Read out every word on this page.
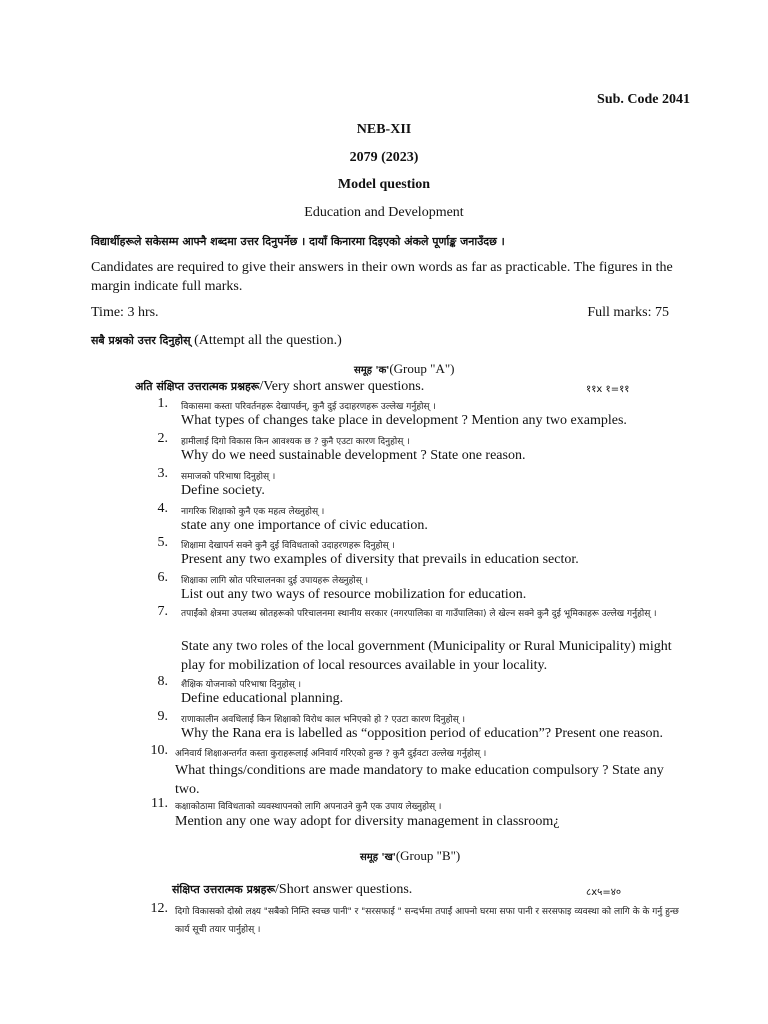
Sub. Code 2041
NEB-XII
2079 (2023)
Model question
Education and Development
विद्यार्थीहरूले सकेसम्म आफ्नै शब्दमा उत्तर दिनुपर्नेछ । दायाँ किनारमा दिइएको अंकले पूर्णाङ्क जनाउँदछ ।
Candidates are required to give their answers in their own words as far as practicable. The figures in the margin indicate full marks.
Time: 3 hrs.	Full marks: 75
सबै प्रश्नको उत्तर दिनुहोस् (Attempt all the question.)
समूह 'क'(Group "A")
अति संक्षिप्त उत्तरात्मक प्रश्नहरू/Very short answer questions.	११x १=११
1. विकासमा कस्ता परिवर्तनहरू देखापर्छन्, कुनै दुई उदाहरणहरू उल्लेख गर्नुहोस् ।
What types of changes take place in development ? Mention any two examples.
2. हामीलाई दिगो विकास किन आवश्यक छ ? कुनै एउटा कारण दिनुहोस् ।
Why do we need sustainable development ? State one reason.
3. समाजको परिभाषा दिनुहोस् ।
Define society.
4. नागरिक शिक्षाको कुनै एक महत्व लेख्नुहोस् ।
state any one importance of civic education.
5. शिक्षामा देखापर्न सक्ने कुनै दुई विविधताको उदाहरणहरू दिनुहोस् ।
Present any two examples of diversity that prevails in education sector.
6. शिक्षाका लागि स्रोत परिचालनका दुई उपायहरू लेख्नुहोस् ।
List out any two ways of resource mobilization for education.
7. तपाईंको क्षेत्रमा उपलब्ध स्रोतहरूको परिचालनमा स्थानीय सरकार (नगरपालिका वा गाउँपालिका) ले खेल्न सक्ने कुनै दुई भूमिकाहरू उल्लेख गर्नुहोस् ।
State any two roles of the local government (Municipality or Rural Municipality) might play for mobilization of local resources available in your locality.
8. शैक्षिक योजनाको परिभाषा दिनुहोस् ।
Define educational planning.
9. राणाकालीन अवधिलाई किन शिक्षाको विरोध काल भनिएको हो ? एउटा कारण दिनुहोस् ।
Why the Rana era is labelled as “opposition period of education”? Present one reason.
10. अनिवार्य शिक्षाअन्तर्गत कस्ता कुराहरूलाई अनिवार्य गरिएको हुन्छ ? कुनै दुईवटा उल्लेख गर्नुहोस् ।
What things/conditions are made mandatory to make education compulsory ? State any two.
11. कक्षाकोठामा विविधताको व्यवस्थापनको लागि अपनाउने कुनै एक उपाय लेख्नुहोस् ।
Mention any one way adopt for diversity management in classroom¿
समूह 'ख'(Group "B")
संक्षिप्त उत्तरात्मक प्रश्नहरू/Short answer questions.	८x५=४०
12. दिगो विकासको दोस्रो लक्ष्य "सबैको निम्ति स्वच्छ पानी" र "सरसफाई " सन्दर्भमा तपाईं आफ्नो घरमा सफा पानी र सरसफाइ व्यवस्था को लागि के के गर्नु हुन्छ कार्य सूची तयार पार्नुहोस् ।
